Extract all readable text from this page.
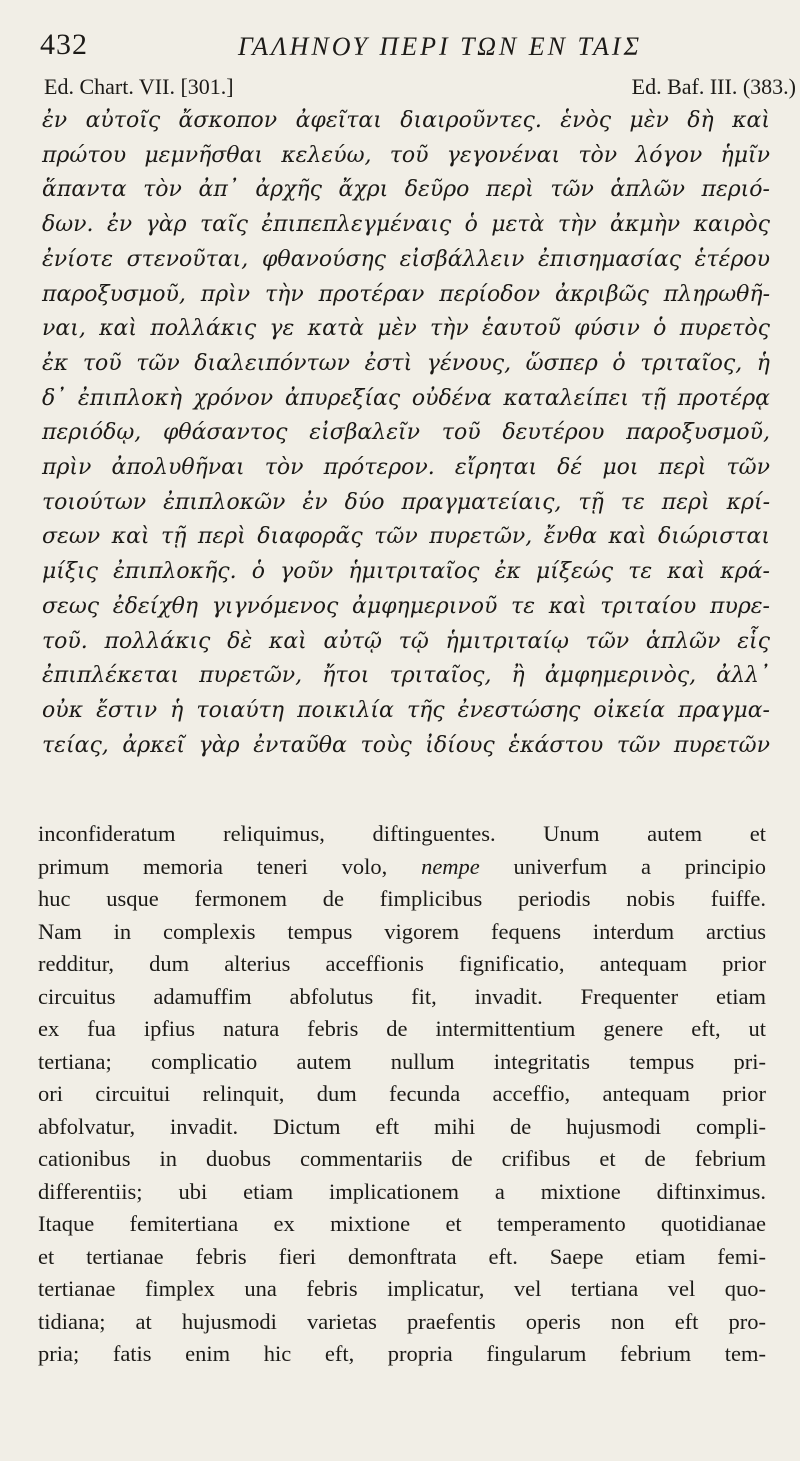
432	ΓΑΛΗΝΟΥ ΠΕΡΙ ΤΩΝ ΕΝ ΤΑΙΣ
Ed. Chart. VII. [301.]	Ed. Baf. III. (383.)
ἐν αὐτοῖς ἄσκοπον ἀφεῖται διαιροῦντες. ἑνὸς μὲν δὴ καὶ
πρώτου μεμνῆσθαι κελεύω, τοῦ γεγονέναι τὸν λόγον ἡμῖν
ἅπαντα τὸν ἀπ᾽ ἀρχῆς ἄχρι δεῦρο περὶ τῶν ἁπλῶν περιό-
δων. ἐν γὰρ ταῖς ἐπιπεπλεγμέναις ὁ μετὰ τὴν ἀκμὴν καιρὸς
ἐνίοτε στενοῦται, φθανούσης εἰσβάλλειν ἐπισημασίας ἑτέρου
παροξυσμοῦ, πρὶν τὴν προτέραν περίοδον ἀκριβῶς πληρωθῆ-
ναι, καὶ πολλάκις γε κατὰ μὲν τὴν ἑαυτοῦ φύσιν ὁ πυρετὸς
ἐκ τοῦ τῶν διαλειπόντων ἐστὶ γένους, ὥσπερ ὁ τριταῖος, ἡ
δ᾽ ἐπιπλοκὴ χρόνον ἀπυρεξίας οὐδένα καταλείπει τῇ προτέρᾳ
περιόδῳ, φθάσαντος εἰσβαλεῖν τοῦ δευτέρου παροξυσμοῦ,
πρὶν ἀπολυθῆναι τὸν πρότερον. εἴρηται δέ μοι περὶ τῶν
τοιούτων ἐπιπλοκῶν ἐν δύο πραγματείαις, τῇ τε περὶ κρί-
σεων καὶ τῇ περὶ διαφορᾶς τῶν πυρετῶν, ἔνθα καὶ διώρισται
μίξις ἐπιπλοκῆς. ὁ γοῦν ἡμιτριταῖος ἐκ μίξεώς τε καὶ κρά-
σεως ἐδείχθη γιγνόμενος ἀμφημερινοῦ τε καὶ τριταίου πυρε-
τοῦ. πολλάκις δὲ καὶ αὐτῷ τῷ ἡμιτριταίῳ τῶν ἁπλῶν εἷς
ἐπιπλέκεται πυρετῶν, ἤτοι τριταῖος, ἢ ἀμφημερινὸς, ἀλλ᾽
οὐκ ἔστιν ἡ τοιαύτη ποικιλία τῆς ἐνεστώσης οἰκεία πραγμα-
τείας, ἀρκεῖ γὰρ ἐνταῦθα τοὺς ἰδίους ἑκάστου τῶν πυρετῶν
inconfideratum reliquimus, diftinguentes. Unum autem et
primum memoria teneri volo, nempe univerfum a principio
huc usque fermonem de fimplicibus periodis nobis fuiffe.
Nam in complexis tempus vigorem fequens interdum arctius
redditur, dum alterius acceffionis fignificatio, antequam prior
circuitus adamuffim abfolutus fit, invadit. Frequenter etiam
ex fua ipfius natura febris de intermittentium genere eft, ut
tertiana; complicatio autem nullum integritatis tempus pri-
ori circuitui relinquit, dum fecunda acceffio, antequam prior
abfolvatur, invadit. Dictum eft mihi de hujusmodi compli-
cationibus in duobus commentariis de crifibus et de febrium
differentiis; ubi etiam implicationem a mixtione diftinximus.
Itaque femitertiana ex mixtione et temperamento quotidianae
et tertianae febris fieri demonftrata eft. Saepe etiam femi-
tertianae fimplex una febris implicatur, vel tertiana vel quo-
tidiana; at hujusmodi varietas praefentis operis non eft pro-
pria; fatis enim hic eft, propria fingularum febrium tem-
